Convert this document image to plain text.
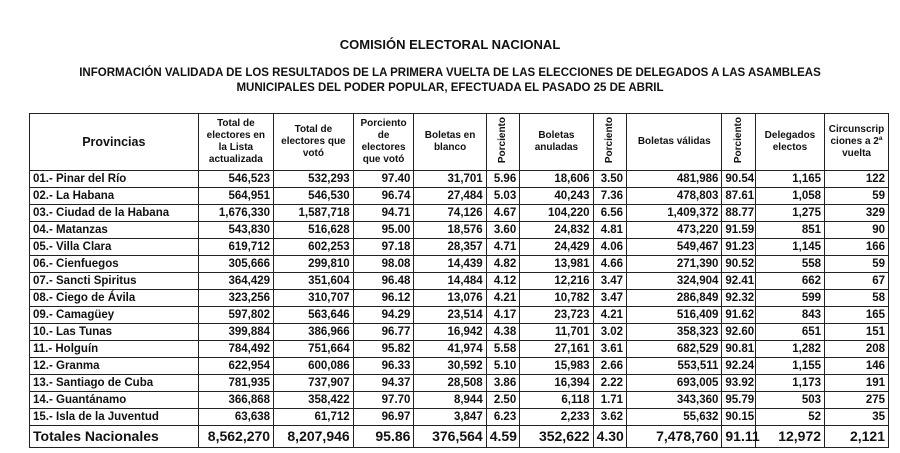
COMISIÓN ELECTORAL NACIONAL
INFORMACIÓN VALIDADA DE LOS RESULTADOS DE LA PRIMERA VUELTA DE LAS ELECCIONES DE DELEGADOS A LAS ASAMBLEAS MUNICIPALES DEL PODER POPULAR, EFECTUADA EL PASADO 25 DE ABRIL
Provincias	Total de electores en la Lista actualizada	Total de electores que votó	Porciento de electores que votó	Boletas en blanco	Porciento	Boletas anuladas	Porciento	Boletas válidas	Porciento	Delegados electos	Circunscrip ciones a 2ª vuelta
01.- Pinar del Río	546,523	532,293	97.40	31,701	5.96	18,606	3.50	481,986	90.54	1,165	122
02.- La Habana	564,951	546,530	96.74	27,484	5.03	40,243	7.36	478,803	87.61	1,058	59
03.- Ciudad de la Habana	1,676,330	1,587,718	94.71	74,126	4.67	104,220	6.56	1,409,372	88.77	1,275	329
04.- Matanzas	543,830	516,628	95.00	18,576	3.60	24,832	4.81	473,220	91.59	851	90
05.- Villa Clara	619,712	602,253	97.18	28,357	4.71	24,429	4.06	549,467	91.23	1,145	166
06.- Cienfuegos	305,666	299,810	98.08	14,439	4.82	13,981	4.66	271,390	90.52	558	59
07.- Sancti Spiritus	364,429	351,604	96.48	14,484	4.12	12,216	3.47	324,904	92.41	662	67
08.- Ciego de Ávila	323,256	310,707	96.12	13,076	4.21	10,782	3.47	286,849	92.32	599	58
09.- Camagüey	597,802	563,646	94.29	23,514	4.17	23,723	4.21	516,409	91.62	843	165
10.- Las Tunas	399,884	386,966	96.77	16,942	4.38	11,701	3.02	358,323	92.60	651	151
11.- Holguín	784,492	751,664	95.82	41,974	5.58	27,161	3.61	682,529	90.81	1,282	208
12.- Granma	622,954	600,086	96.33	30,592	5.10	15,983	2.66	553,511	92.24	1,155	146
13.- Santiago de Cuba	781,935	737,907	94.37	28,508	3.86	16,394	2.22	693,005	93.92	1,173	191
14.- Guantánamo	366,868	358,422	97.70	8,944	2.50	6,118	1.71	343,360	95.79	503	275
15.- Isla de la Juventud	63,638	61,712	96.97	3,847	6.23	2,233	3.62	55,632	90.15	52	35
Totales Nacionales	8,562,270	8,207,946	95.86	376,564	4.59	352,622	4.30	7,478,760	91.11	12,972	2,121
